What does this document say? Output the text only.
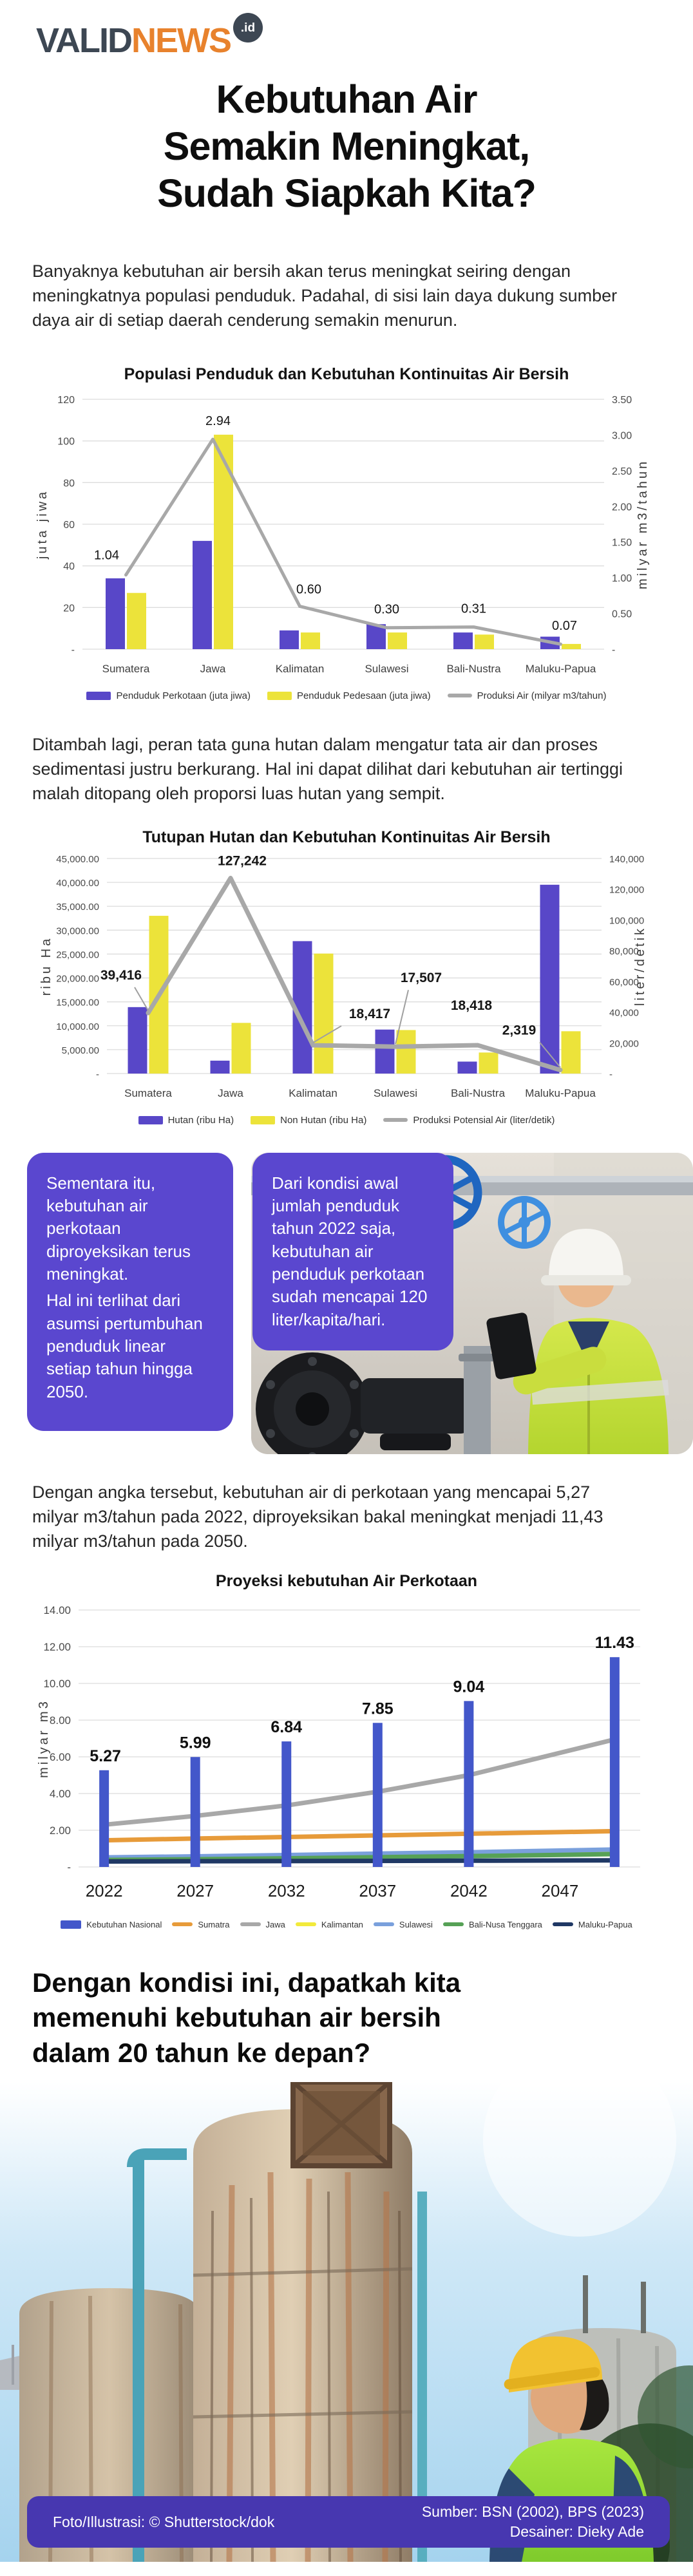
VALIDNEWS .id
Kebutuhan Air
Semakin Meningkat,
Sudah Siapkah Kita?

Banyaknya kebutuhan air bersih akan terus meningkat seiring dengan meningkatnya populasi penduduk. Padahal, di sisi lain daya dukung sumber daya air di setiap daerah cenderung semakin menurun.

Populasi Penduduk dan Kebutuhan Kontinuitas Air Bersih
120
100
80
60
40
20
-
3.50
3.00
2.50
2.00
1.50
1.00
0.50
-
milyar m3/tahun
juta jiwa
Sumatera	Jawa	Kalimatan	Sulawesi	Bali-Nustra Maluku-Papua
1.04
2.94
0.60
0.30	0.31
0.07
Penduduk Perkotaan (juta jiwa)	Penduduk Pedesaan (juta jiwa)	Produksi Air (milyar m3/tahun)

Ditambah lagi, peran tata guna hutan dalam mengatur tata air dan proses sedimentasi justru berkurang. Hal ini dapat dilihat dari kebutuhan air tertinggi malah ditopang oleh proporsi luas hutan yang sempit.

Tutupan Hutan dan Kebutuhan Kontinuitas Air Bersih
45,000.00
40,000.00
35,000.00
30,000.00
25,000.00
20,000.00
15,000.00
10,000.00
5,000.00
-
140,000
120,000
100,000
80,000
60,000
40,000
20,000
-
liter/detik
ribu Ha
Sumatera	Jawa	Kalimatan	Sulawesi	Bali-Nustra Maluku-Papua
39,416
127,242
18,417
17,507
18,418
2,319
Hutan (ribu Ha)	Non Hutan (ribu Ha)	Produksi Potensial Air (liter/detik)

Sementara itu, kebutuhan air perkotaan diproyeksikan terus meningkat.

Hal ini terlihat dari asumsi pertumbuhan penduduk linear setiap tahun hingga 2050.

Dari kondisi awal jumlah penduduk tahun 2022 saja, kebutuhan air penduduk perkotaan sudah mencapai 120 liter/kapita/hari.

Dengan angka tersebut, kebutuhan air di perkotaan yang mencapai 5,27 milyar m3/tahun pada 2022, diproyeksikan bakal meningkat menjadi 11,43 milyar m3/tahun pada 2050.

Proyeksi kebutuhan Air Perkotaan
14.00
12.00
10.00
8.00
6.00
4.00
2.00
-
milyar m3
2022	2027	2032	2037	2042	2047
5.27
5.99
6.84
7.85
9.04
11.43
Kebutuhan Nasional	Sumatra	Jawa	Kalimantan	Sulawesi	Bali-Nusa Tenggara	Maluku-Papua
Dengan kondisi ini, dapatkah kita memenuhi kebutuhan air bersih dalam 20 tahun ke depan?
Foto/Illustrasi: © Shutterstock/dok
Sumber: BSN (2002), BPS (2023)
Desainer: Dieky Ade
